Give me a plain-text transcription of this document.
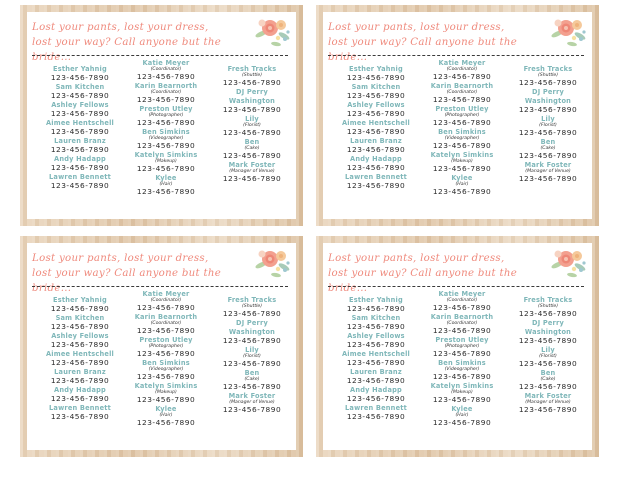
Lost your pants, lost your dress,
lost your way? Call anyone but the bride...

Esther Yahnig
123-456-7890
Sam Kitchen
123-456-7890
Ashley Fellows
123-456-7890
Aimee Hentschell
123-456-7890
Lauren Branz
123-456-7890
Andy Hadapp
123-456-7890
Lawren Bennett
123-456-7890
Katie Meyer
(Coordinator)
123-456-7890
Karin Bearnorth
(Coordinator)
123-456-7890
Preston Utley
(Photographer)
123-456-7890
Ben Simkins
(Videographer)
123-456-7890
Katelyn Simkins
(Makeup)
123-456-7890
Kylee
(Hair)
123-456-7890
Fresh Tracks
(Shuttle)
123-456-7890
DJ Perry
Washington
123-456-7890
Lily
(Florist)
123-456-7890
Ben
(Cake)
123-456-7890
Mark Foster
(Manager of Venue)
123-456-7890

Lost your pants, lost your dress,
lost your way? Call anyone but the bride...

Esther Yahnig
123-456-7890
Sam Kitchen
123-456-7890
Ashley Fellows
123-456-7890
Aimee Hentschell
123-456-7890
Lauren Branz
123-456-7890
Andy Hadapp
123-456-7890
Lawren Bennett
123-456-7890
Katie Meyer
(Coordinator)
123-456-7890
Karin Bearnorth
(Coordinator)
123-456-7890
Preston Utley
(Photographer)
123-456-7890
Ben Simkins
(Videographer)
123-456-7890
Katelyn Simkins
(Makeup)
123-456-7890
Kylee
(Hair)
123-456-7890
Fresh Tracks
(Shuttle)
123-456-7890
DJ Perry
Washington
123-456-7890
Lily
(Florist)
123-456-7890
Ben
(Cake)
123-456-7890
Mark Foster
(Manager of Venue)
123-456-7890

Lost your pants, lost your dress,
lost your way? Call anyone but the bride...

Esther Yahnig
123-456-7890
Sam Kitchen
123-456-7890
Ashley Fellows
123-456-7890
Aimee Hentschell
123-456-7890
Lauren Branz
123-456-7890
Andy Hadapp
123-456-7890
Lawren Bennett
123-456-7890
Katie Meyer
(Coordinator)
123-456-7890
Karin Bearnorth
(Coordinator)
123-456-7890
Preston Utley
(Photographer)
123-456-7890
Ben Simkins
(Videographer)
123-456-7890
Katelyn Simkins
(Makeup)
123-456-7890
Kylee
(Hair)
123-456-7890
Fresh Tracks
(Shuttle)
123-456-7890
DJ Perry
Washington
123-456-7890
Lily
(Florist)
123-456-7890
Ben
(Cake)
123-456-7890
Mark Foster
(Manager of Venue)
123-456-7890

Lost your pants, lost your dress,
lost your way? Call anyone but the bride...

Esther Yahnig
123-456-7890
Sam Kitchen
123-456-7890
Ashley Fellows
123-456-7890
Aimee Hentschell
123-456-7890
Lauren Branz
123-456-7890
Andy Hadapp
123-456-7890
Lawren Bennett
123-456-7890
Katie Meyer
(Coordinator)
123-456-7890
Karin Bearnorth
(Coordinator)
123-456-7890
Preston Utley
(Photographer)
123-456-7890
Ben Simkins
(Videographer)
123-456-7890
Katelyn Simkins
(Makeup)
123-456-7890
Kylee
(Hair)
123-456-7890
Fresh Tracks
(Shuttle)
123-456-7890
DJ Perry
Washington
123-456-7890
Lily
(Florist)
123-456-7890
Ben
(Cake)
123-456-7890
Mark Foster
(Manager of Venue)
123-456-7890
